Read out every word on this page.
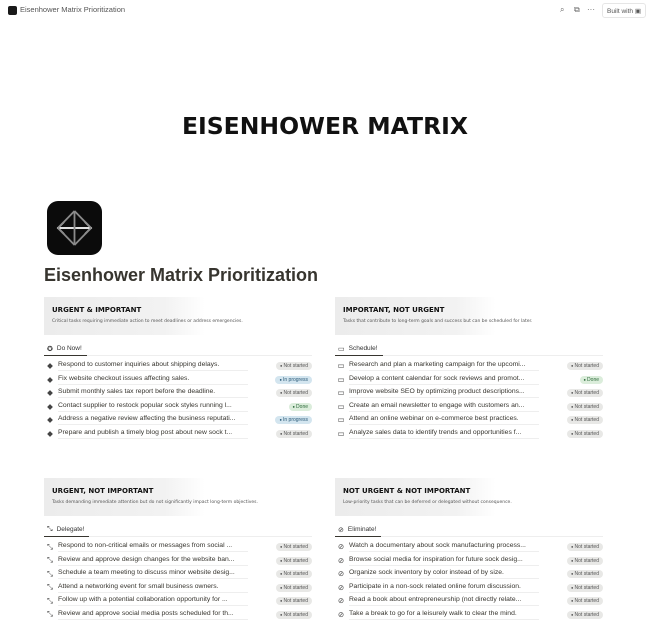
Eisenhower Matrix Prioritization	⌕ ⧉ ···	Built with ▣
EISENHOWER MATRIX
Eisenhower Matrix Prioritization
URGENT & IMPORTANT
Critical tasks requiring immediate action to meet deadlines or address emergencies.
✪ Do Now!
◆ Respond to customer inquiries about shipping delays.	● Not started
◆ Fix website checkout issues affecting sales.	● In progress
◆ Submit monthly sales tax report before the deadline.	● Not started
◆ Contact supplier to restock popular sock styles running l...	● Done
◆ Address a negative review affecting the business reputati...	● In progress
◆ Prepare and publish a timely blog post about new sock t...	● Not started
IMPORTANT, NOT URGENT
Tasks that contribute to long-term goals and success but can be scheduled for later.
▭ Schedule!
▭ Research and plan a marketing campaign for the upcomi...	● Not started
▭ Develop a content calendar for sock reviews and promot...	● Done
▭ Improve website SEO by optimizing product descriptions...	● Not started
▭ Create an email newsletter to engage with customers an...	● Not started
▭ Attend an online webinar on e-commerce best practices.	● Not started
▭ Analyze sales data to identify trends and opportunities f...	● Not started
URGENT, NOT IMPORTANT
Tasks demanding immediate attention but do not significantly impact long-term objectives.
⤡ Delegate!
⤡ Respond to non-critical emails or messages from social ...	● Not started
⤡ Review and approve design changes for the website ban...	● Not started
⤡ Schedule a team meeting to discuss minor website desig...	● Not started
⤡ Attend a networking event for small business owners.	● Not started
⤡ Follow up with a potential collaboration opportunity for ...	● Not started
⤡ Review and approve social media posts scheduled for th...	● Not started
NOT URGENT & NOT IMPORTANT
Low-priority tasks that can be deferred or delegated without consequence.
⊘ Eliminate!
⊘ Watch a documentary about sock manufacturing process...	● Not started
⊘ Browse social media for inspiration for future sock desig...	● Not started
⊘ Organize sock inventory by color instead of by size.	● Not started
⊘ Participate in a non-sock related online forum discussion.	● Not started
⊘ Read a book about entrepreneurship (not directly relate...	● Not started
⊘ Take a break to go for a leisurely walk to clear the mind.	● Not started
